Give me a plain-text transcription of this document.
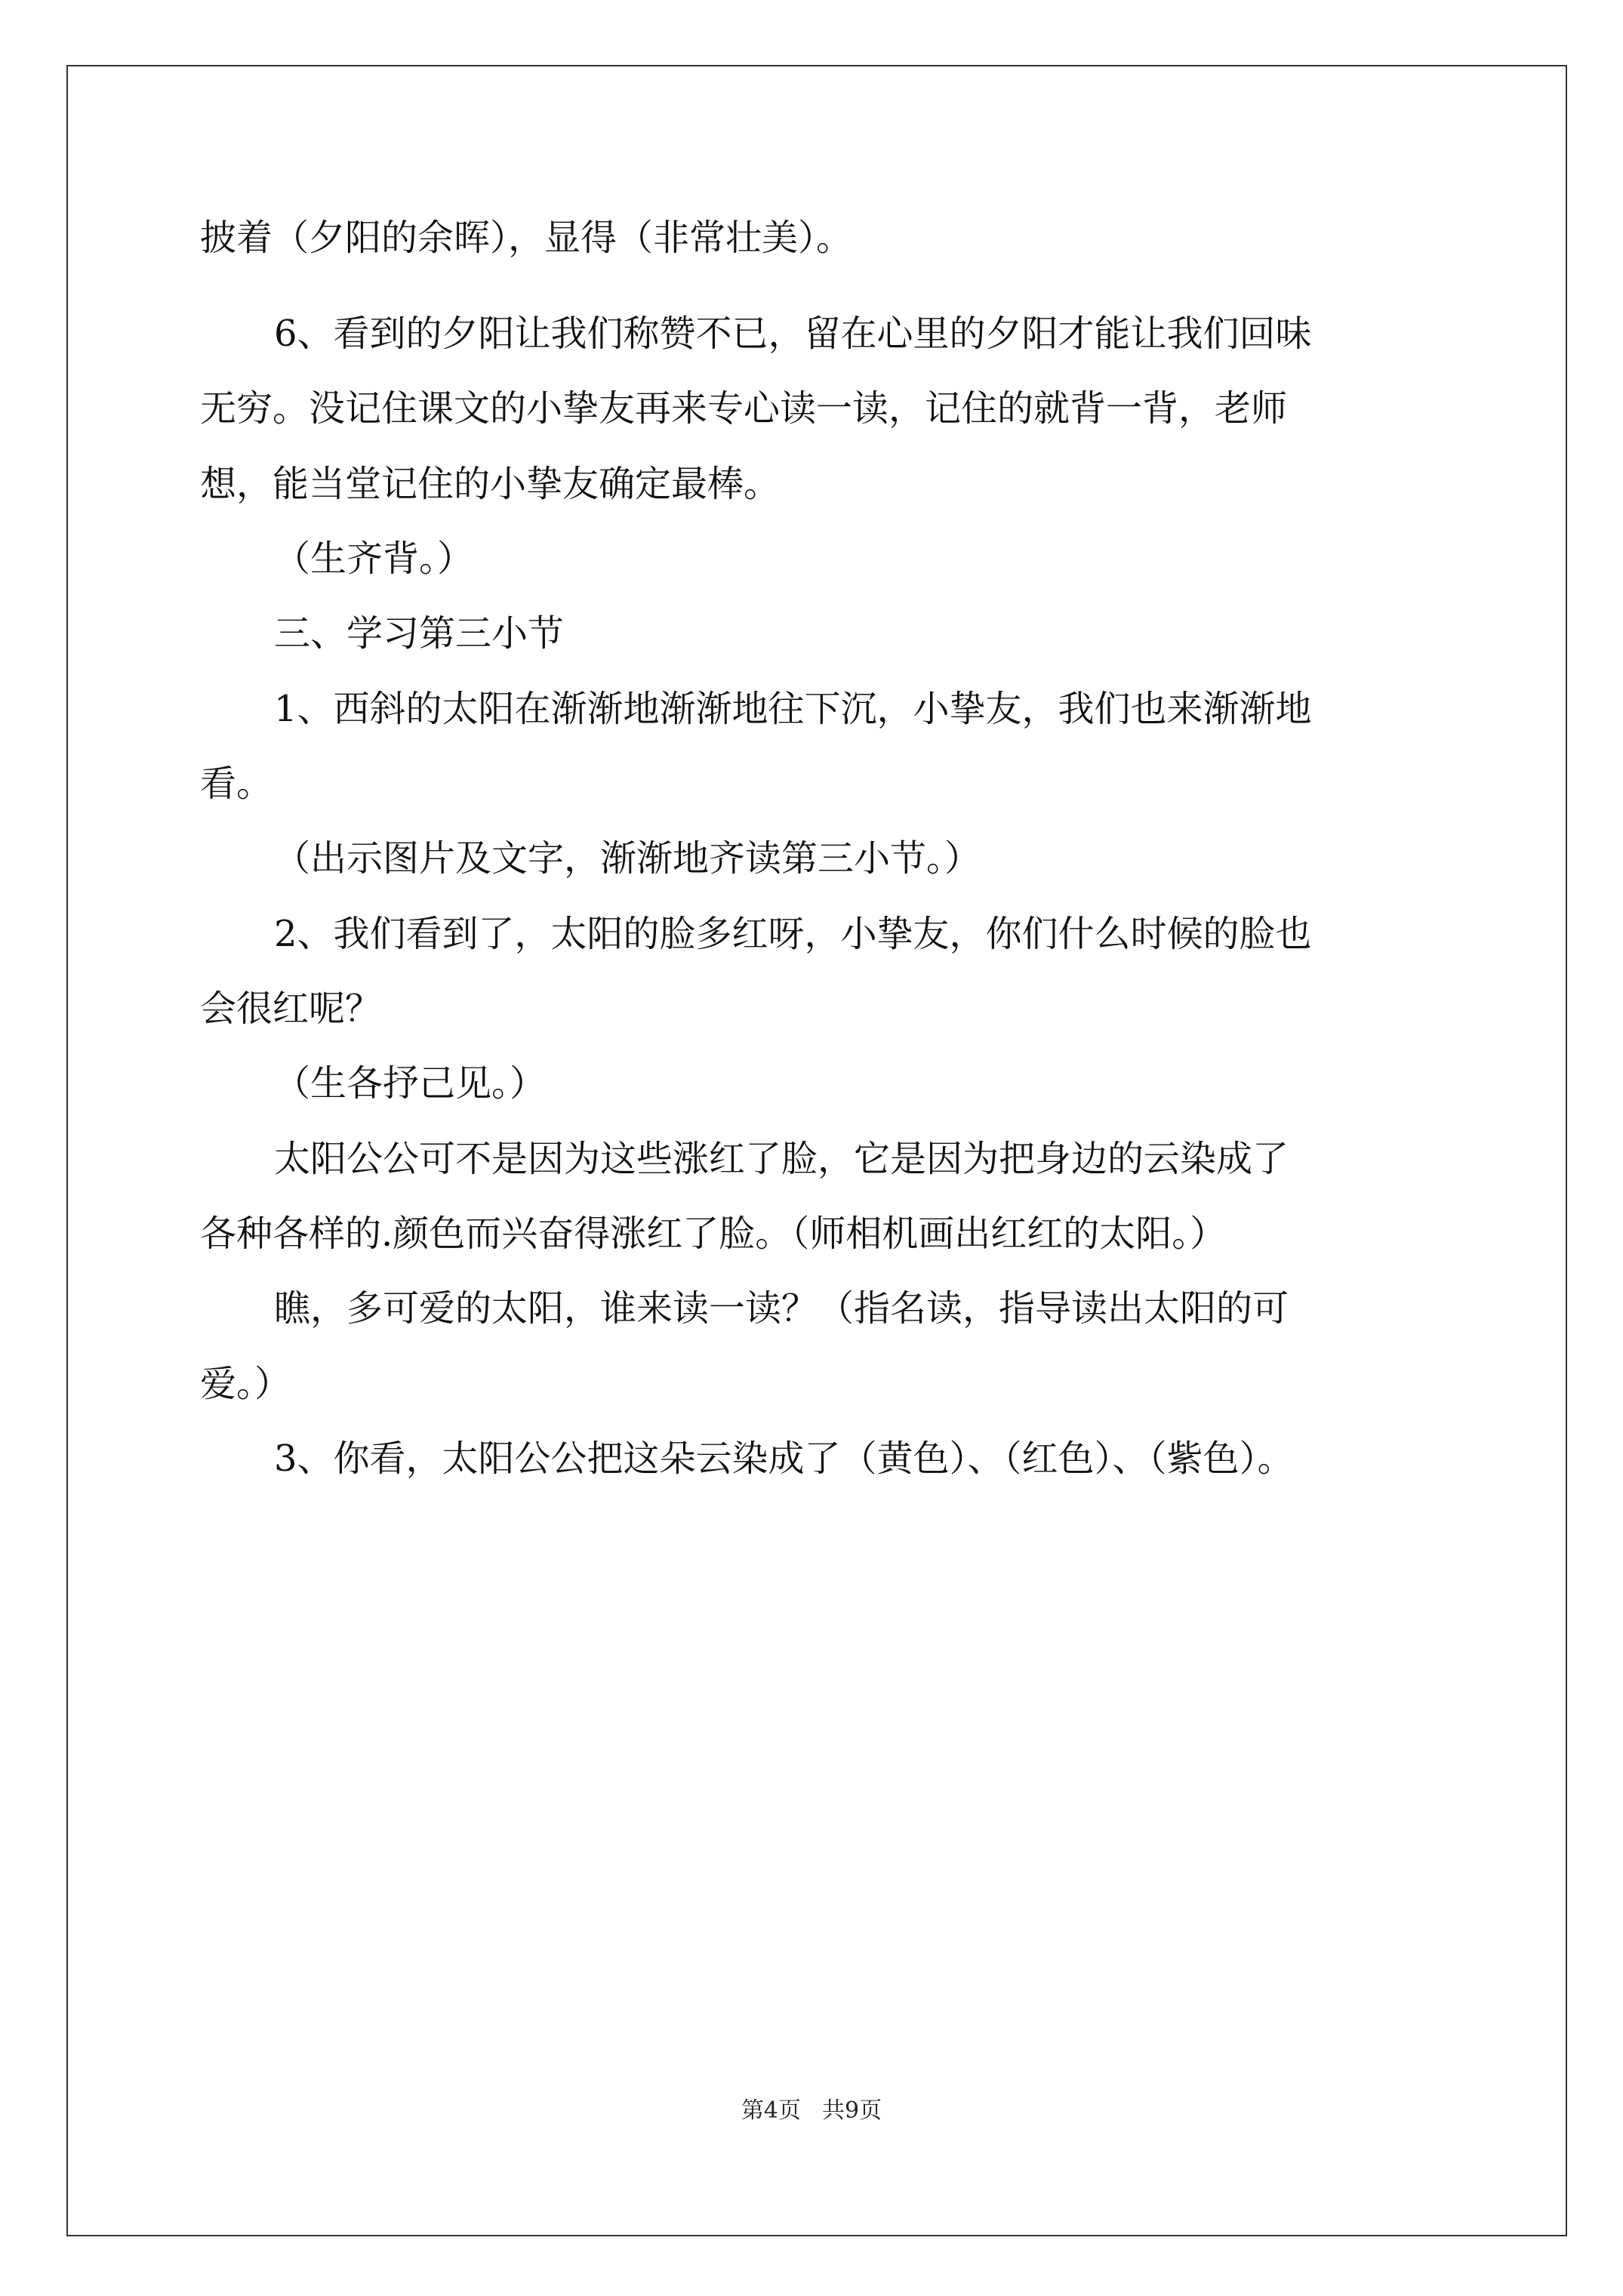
披着（夕阳的余晖），显得（非常壮美）。
6、看到的夕阳让我们称赞不已，留在心里的夕阳才能让我们回味
无穷。没记住课文的小挚友再来专心读一读，记住的就背一背，老师
想，能当堂记住的小挚友确定最棒。
（生齐背。）
三、学习第三小节
1、西斜的太阳在渐渐地渐渐地往下沉，小挚友，我们也来渐渐地
看。
（出示图片及文字，渐渐地齐读第三小节。）
2、我们看到了，太阳的脸多红呀，小挚友，你们什么时候的脸也
会很红呢？
（生各抒己见。）
太阳公公可不是因为这些涨红了脸，它是因为把身边的云染成了
各种各样的.颜色而兴奋得涨红了脸。（师相机画出红红的太阳。）
瞧，多可爱的太阳，谁来读一读？（指名读，指导读出太阳的可
爱。）
3、你看，太阳公公把这朵云染成了（黄色）、（红色）、（紫色）。
第4页 共9页
